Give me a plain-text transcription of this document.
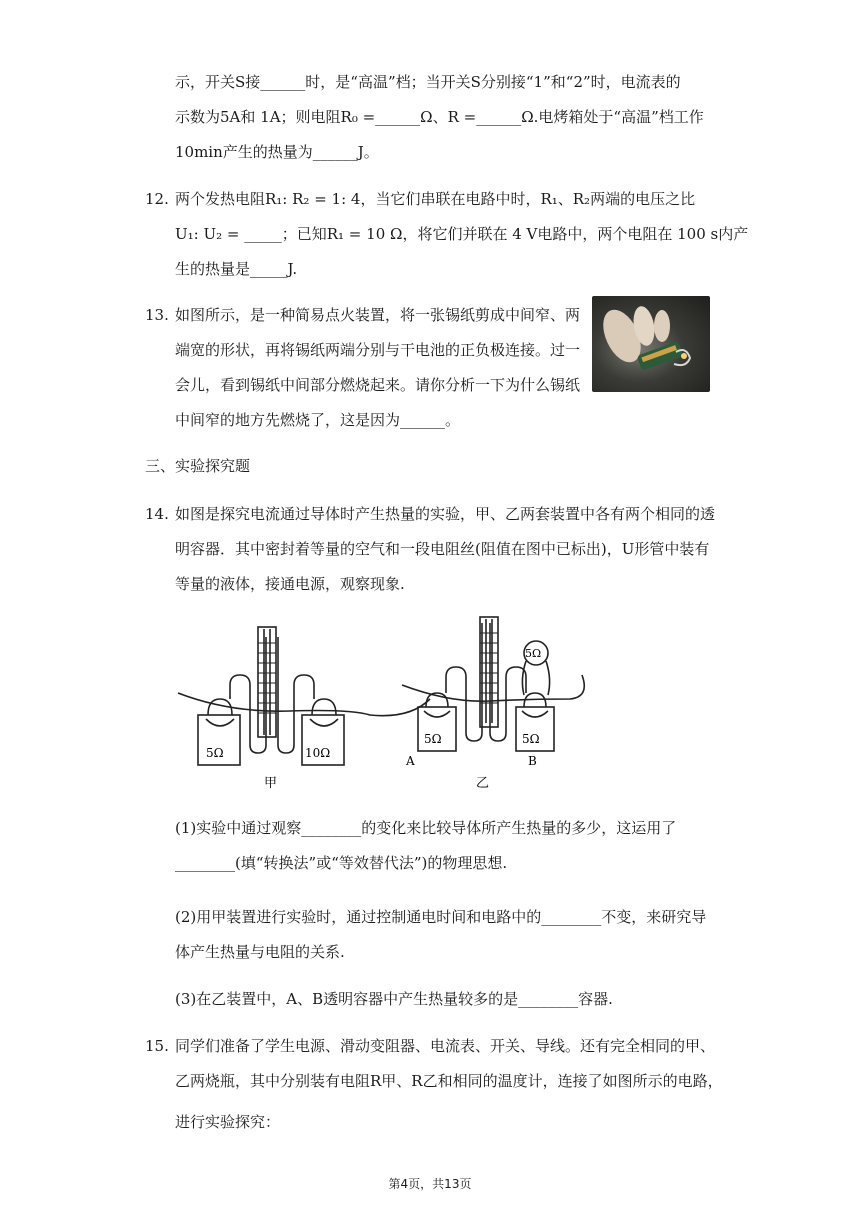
示，开关S接______时，是“高温”档；当开关S分别接“1”和“2”时，电流表的
示数为5A和 1A；则电阻R₀ =______Ω、R =______Ω.电烤箱处于“高温”档工作
10min产生的热量为______J。
12. 两个发热电阻R₁: R₂ = 1: 4，当它们串联在电路中时，R₁、R₂两端的电压之比
U₁: U₂ = _____；已知R₁ = 10 Ω，将它们并联在 4 V电路中，两个电阻在 100 s内产
生的热量是_____J.
13. 如图所示，是一种简易点火装置，将一张锡纸剪成中间窄、两
端宽的形状，再将锡纸两端分别与干电池的正负极连接。过一
会儿，看到锡纸中间部分燃烧起来。请你分析一下为什么锡纸
中间窄的地方先燃烧了，这是因为______。
三、实验探究题
14. 如图是探究电流通过导体时产生热量的实验，甲、乙两套装置中各有两个相同的透
明容器．其中密封着等量的空气和一段电阻丝(阻值在图中已标出)，U形管中装有
等量的液体，接通电源，观察现象.
5Ω	10Ω
甲
5Ω
5Ω	5Ω
A	B
乙
(1)实验中通过观察________的变化来比较导体所产生热量的多少，这运用了
________(填“转换法”或“等效替代法”)的物理思想.
(2)用甲装置进行实验时，通过控制通电时间和电路中的________不变，来研究导
体产生热量与电阻的关系.
(3)在乙装置中，A、B透明容器中产生热量较多的是________容器.
15. 同学们准备了学生电源、滑动变阻器、电流表、开关、导线。还有完全相同的甲、
乙两烧瓶，其中分别装有电阻R甲、R乙和相同的温度计，连接了如图所示的电路，
进行实验探究：
第4页，共13页
